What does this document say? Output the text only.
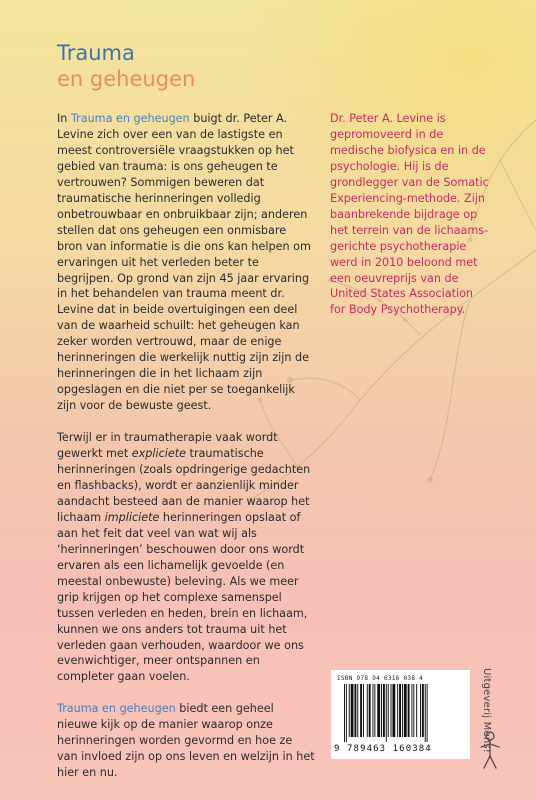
Trauma
en geheugen

In Trauma en geheugen buigt dr. Peter A. Levine zich over een van de lastigste en meest controversiële vraagstukken op het gebied van trauma: is ons geheugen te vertrouwen? Sommigen beweren dat traumatische herinneringen volledig onbetrouwbaar en onbruikbaar zijn; anderen stellen dat ons geheugen een onmisbare bron van informatie is die ons kan helpen om ervaringen uit het verleden beter te begrijpen. Op grond van zijn 45 jaar ervaring in het behandelen van trauma meent dr. Levine dat in beide overtuigingen een deel van de waarheid schuilt: het geheugen kan zeker worden vertrouwd, maar de enige herinneringen die werkelijk nuttig zijn zijn de herinneringen die in het lichaam zijn opgeslagen en die niet per se toegankelijk zijn voor de bewuste geest.

Terwijl er in traumatherapie vaak wordt gewerkt met expliciete traumatische herinneringen (zoals opdringerige gedachten en flashbacks), wordt er aanzienlijk minder aandacht besteed aan de manier waarop het lichaam impliciete herinneringen opslaat of aan het feit dat veel van wat wij als ‘herinneringen’ beschouwen door ons wordt ervaren als een lichamelijk gevoelde (en meestal onbewuste) beleving. Als we meer grip krijgen op het complexe samenspel tussen verleden en heden, brein en lichaam, kunnen we ons anders tot trauma uit het verleden gaan verhouden, waardoor we ons evenwichtiger, meer ontspannen en completer gaan voelen.

Trauma en geheugen biedt een geheel nieuwe kijk op de manier waarop onze herinneringen worden gevormd en hoe ze van invloed zijn op ons leven en welzijn in het hier en nu.

Dr. Peter A. Levine is gepromoveerd in de medische biofysica en in de psychologie. Hij is de grondlegger van de Somatic Experiencing-methode. Zijn baanbrekende bijdrage op het terrein van de lichaamsgerichte psychotherapie werd in 2010 beloond met een oeuvreprijs van de United States Association for Body Psychotherapy.

ISBN 978 94 6316 038 4
9 789463 160384	Uitgeverij Mens!
